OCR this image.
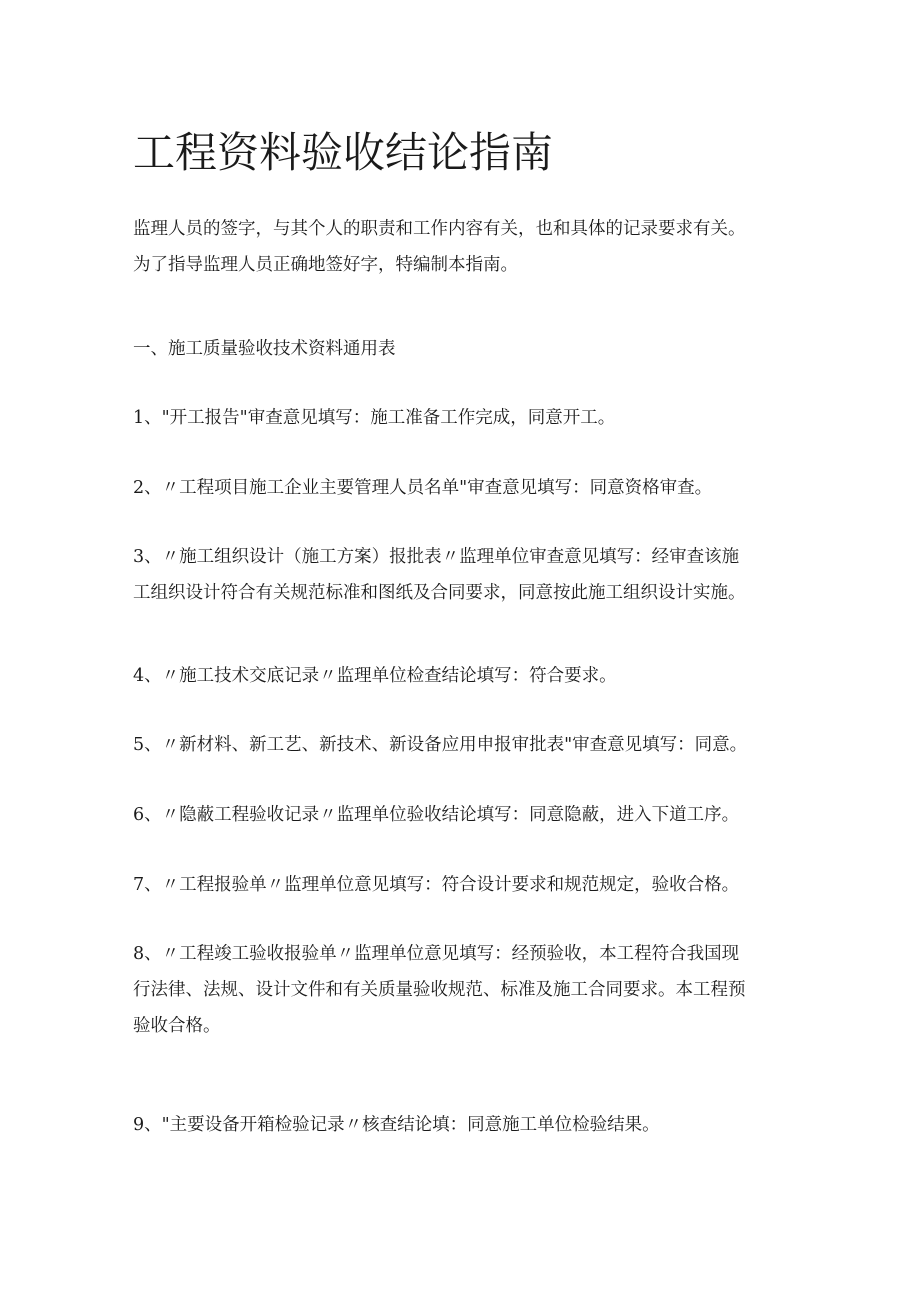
工程资料验收结论指南

监理人员的签字，与其个人的职责和工作内容有关，也和具体的记录要求有关。
为了指导监理人员正确地签好字，特编制本指南。

一、施工质量验收技术资料通用表

1、"开工报告"审查意见填写：施工准备工作完成，同意开工。

2、〃工程项目施工企业主要管理人员名单"审查意见填写：同意资格审查。

3、〃施工组织设计（施工方案）报批表〃监理单位审查意见填写：经审查该施
工组织设计符合有关规范标准和图纸及合同要求，同意按此施工组织设计实施。

4、〃施工技术交底记录〃监理单位检查结论填写：符合要求。

5、〃新材料、新工艺、新技术、新设备应用申报审批表"审查意见填写：同意。

6、〃隐蔽工程验收记录〃监理单位验收结论填写：同意隐蔽，进入下道工序。

7、〃工程报验单〃监理单位意见填写：符合设计要求和规范规定，验收合格。

8、〃工程竣工验收报验单〃监理单位意见填写：经预验收，本工程符合我国现
行法律、法规、设计文件和有关质量验收规范、标准及施工合同要求。本工程预
验收合格。

9、"主要设备开箱检验记录〃核查结论填：同意施工单位检验结果。
